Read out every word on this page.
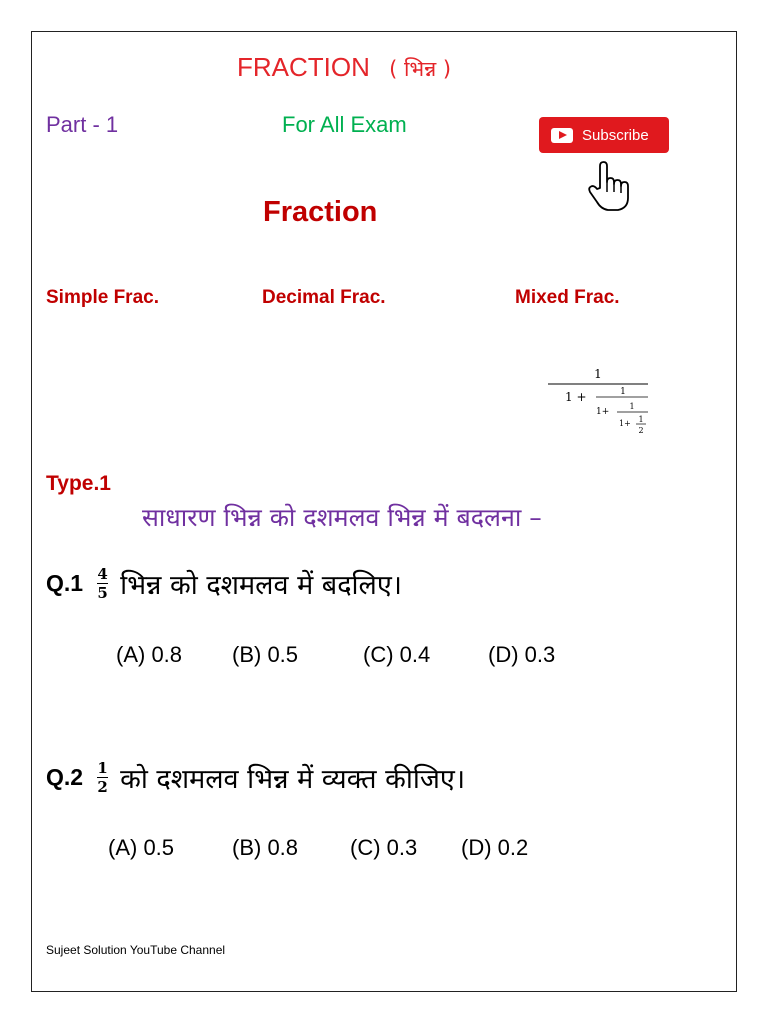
FRACTION ( भिन्न )
Part - 1	For All Exam	Subscribe
Fraction
Simple Frac.	Decimal Frac.	Mixed Frac.
1
1 +	1
1+
1
1+ 1
2
Type.1
साधारण भिन्न को दशमलव भिन्न में बदलना –
$Q.1 \frac{4}{5}$ भिन्न को दशमलव में बदलिए।
(A) 0.8 (B) 0.5	(C) 0.4	(D) 0.3
$Q.2 \frac{1}{2}$ को दशमलव भिन्न में व्यक्त कीजिए।
(A) 0.5	(B) 0.8 (C) 0.3 (D) 0.2
Sujeet Solution YouTube Channel
